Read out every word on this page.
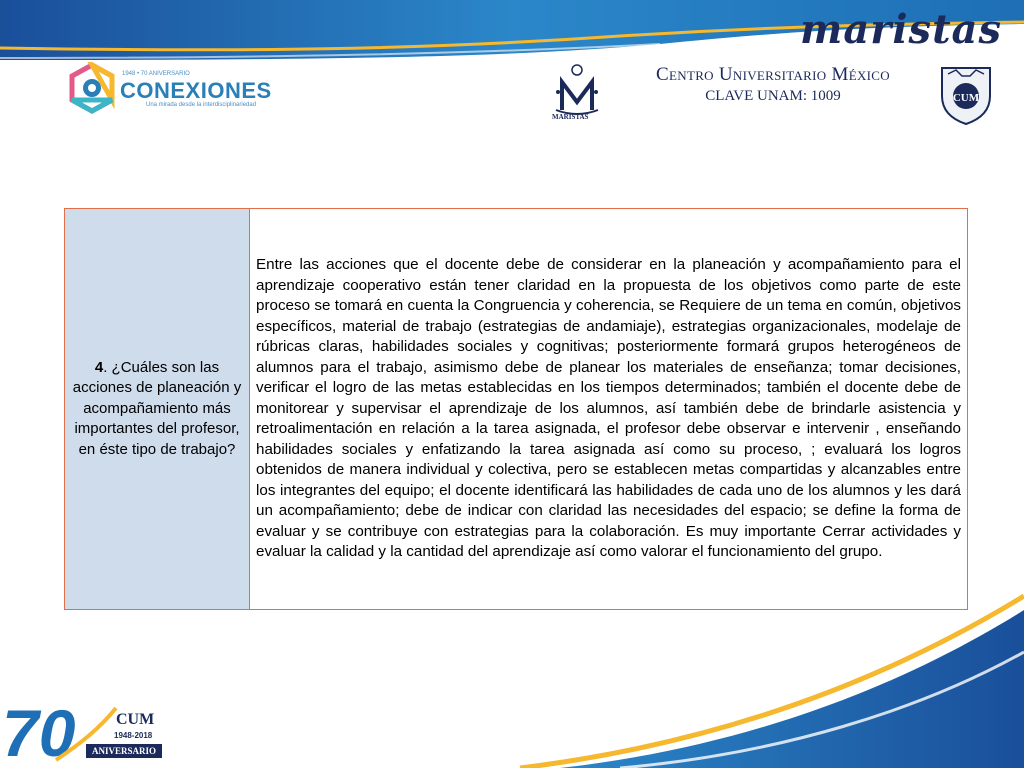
maristas
1948 • 70 ANIVERSARIO
CONEXIONES
Una mirada desde la interdisciplinariedad
MARISTAS
Centro Universitario México
CLAVE UNAM: 1009	CUM
4. ¿Cuáles son las acciones de planeación y acompañamiento más importantes del profesor, en éste tipo de trabajo?	Entre las acciones que el docente debe de considerar en la planeación y acompañamiento para el aprendizaje cooperativo están tener claridad en la propuesta de los objetivos como parte de este proceso se tomará en cuenta la Congruencia y coherencia, se Requiere de un tema en común, objetivos específicos, material de trabajo (estrategias de andamiaje), estrategias organizacionales, modelaje de rúbricas claras, habilidades sociales y cognitivas; posteriormente formará grupos heterogéneos de alumnos para el trabajo, asimismo debe de planear los materiales de enseñanza; tomar decisiones, verificar el logro de las metas establecidas en los tiempos determinados; también el docente debe de monitorear y supervisar el aprendizaje de los alumnos, así también debe de brindarle asistencia y retroalimentación en relación a la tarea asignada, el profesor debe observar e intervenir , enseñando habilidades sociales y enfatizando la tarea asignada así como su proceso, ; evaluará los logros obtenidos de manera individual y colectiva, pero se establecen metas compartidas y alcanzables entre los integrantes del equipo; el docente identificará las habilidades de cada uno de los alumnos y les dará un acompañamiento; debe de indicar con claridad las necesidades del espacio; se define la forma de evaluar y se contribuye con estrategias para la colaboración. Es muy importante Cerrar actividades y evaluar la calidad y la cantidad del aprendizaje así como valorar el funcionamiento del grupo.
70	CUM
1948-2018
ANIVERSARIO
